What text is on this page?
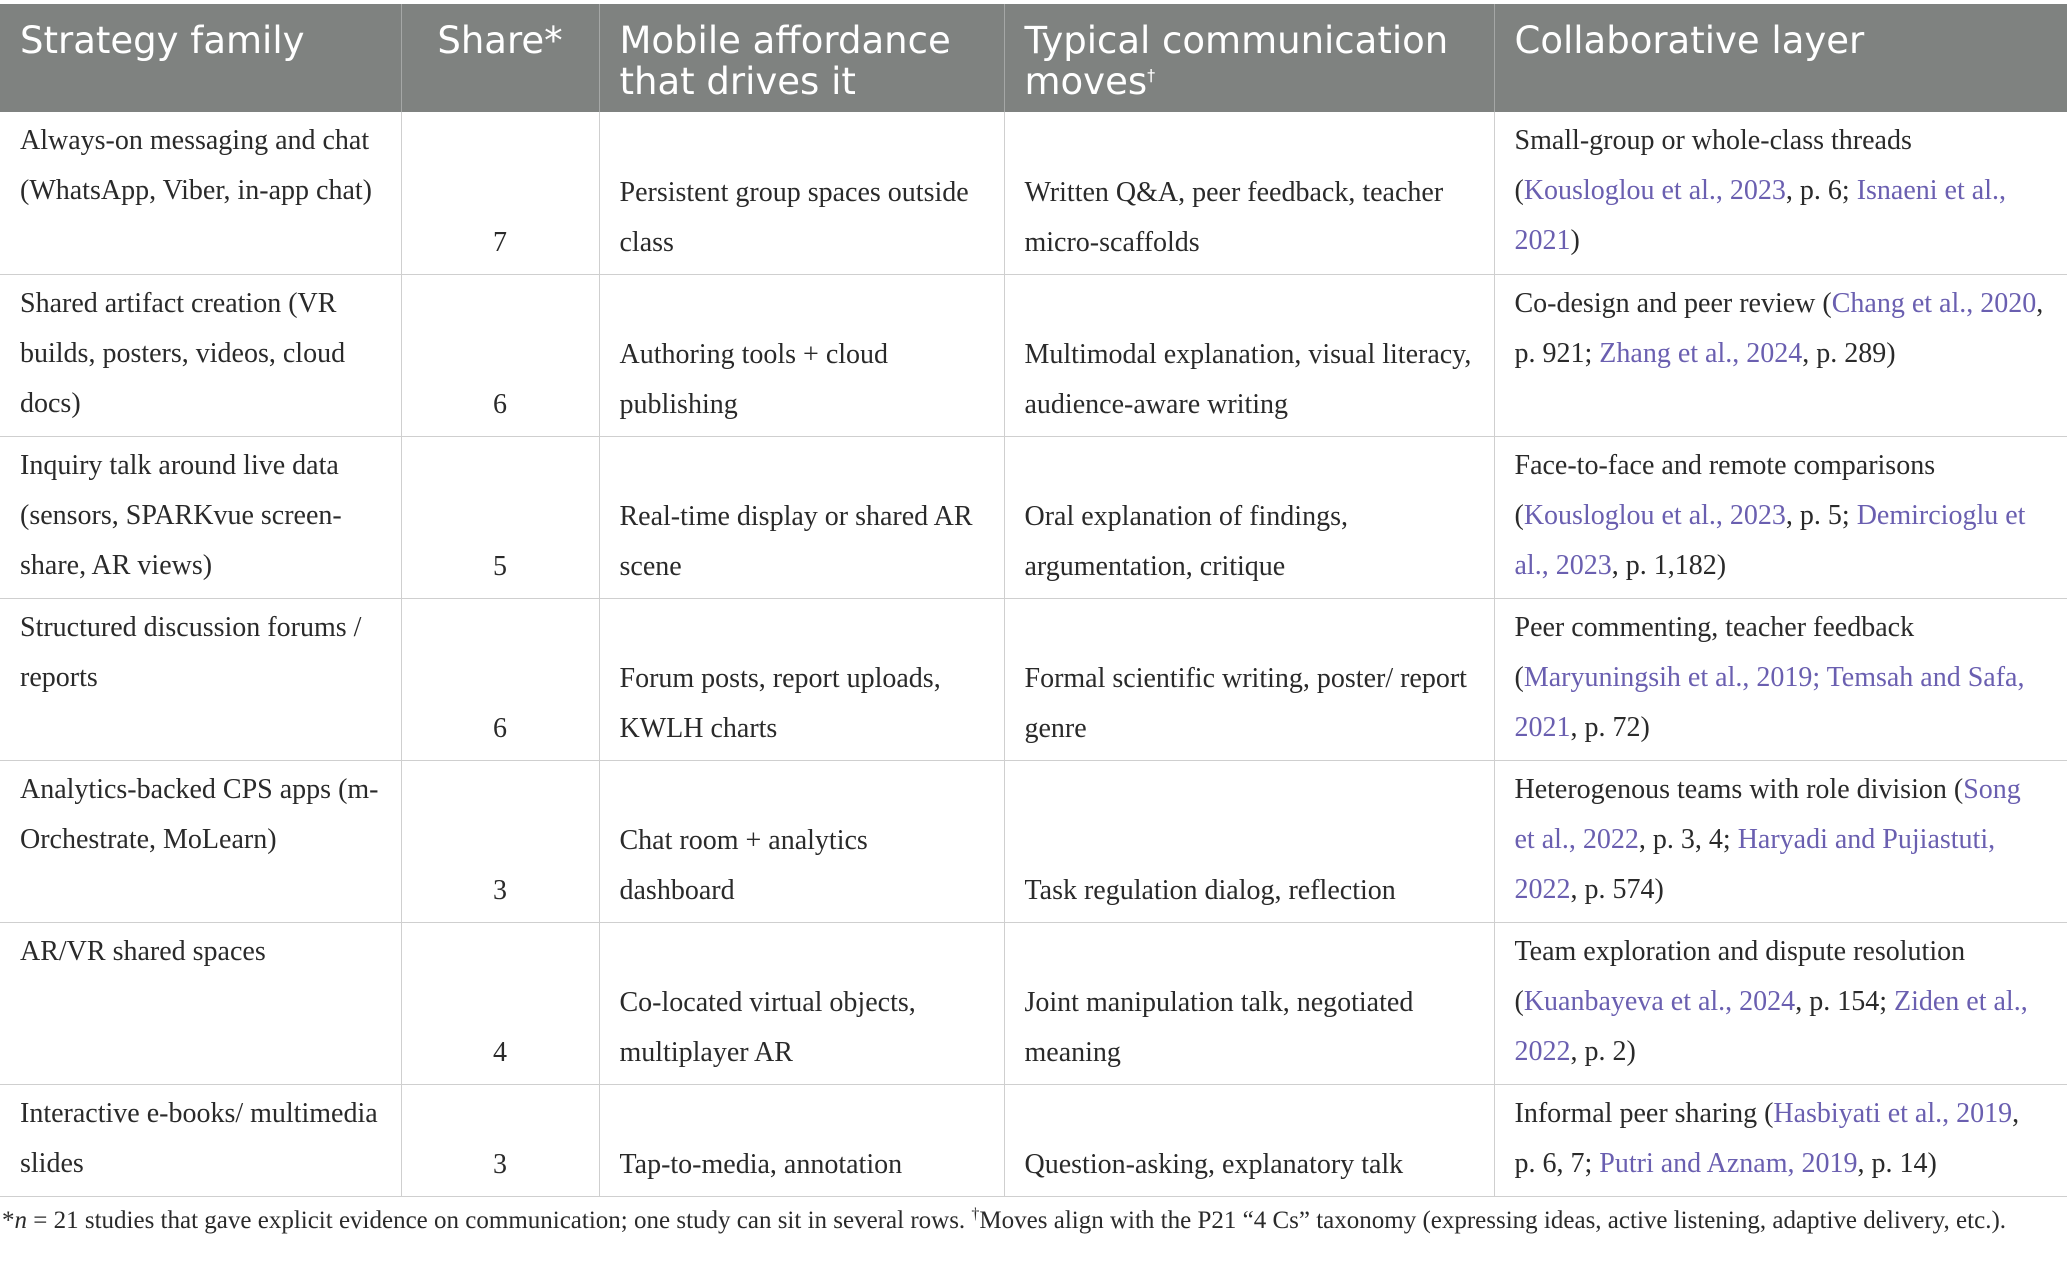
Strategy family	Share*	Mobile affordance that drives it	Typical communication moves†	Collaborative layer
Always-on messaging and chat (WhatsApp, Viber, in-app chat)	7	Persistent group spaces outside class	Written Q&A, peer feedback, teacher micro-scaffolds	Small-group or whole-class threads (Kousloglou et al., 2023, p. 6; Isnaeni et al., 2021)
Shared artifact creation (VR builds, posters, videos, cloud docs)	6	Authoring tools + cloud publishing	Multimodal explanation, visual literacy, audience-aware writing	Co-design and peer review (Chang et al., 2020, p. 921; Zhang et al., 2024, p. 289)
Inquiry talk around live data (sensors, SPARKvue screen-share, AR views)	5	Real-time display or shared AR scene	Oral explanation of findings, argumentation, critique	Face-to-face and remote comparisons (Kousloglou et al., 2023, p. 5; Demircioglu et al., 2023, p. 1,182)
Structured discussion forums / reports	6	Forum posts, report uploads, KWLH charts	Formal scientific writing, poster/ report genre	Peer commenting, teacher feedback (Maryuningsih et al., 2019; Temsah and Safa, 2021, p. 72)
Analytics-backed CPS apps (m-Orchestrate, MoLearn)	3	Chat room + analytics dashboard	Task regulation dialog, reflection	Heterogenous teams with role division (Song et al., 2022, p. 3, 4; Haryadi and Pujiastuti, 2022, p. 574)
AR/VR shared spaces	4	Co-located virtual objects, multiplayer AR	Joint manipulation talk, negotiated meaning	Team exploration and dispute resolution (Kuanbayeva et al., 2024, p. 154; Ziden et al., 2022, p. 2)
Interactive e-books/ multimedia slides	3	Tap-to-media, annotation	Question-asking, explanatory talk	Informal peer sharing (Hasbiyati et al., 2019, p. 6, 7; Putri and Aznam, 2019, p. 14)
*n = 21 studies that gave explicit evidence on communication; one study can sit in several rows. †Moves align with the P21 “4 Cs” taxonomy (expressing ideas, active listening, adaptive delivery, etc.).
